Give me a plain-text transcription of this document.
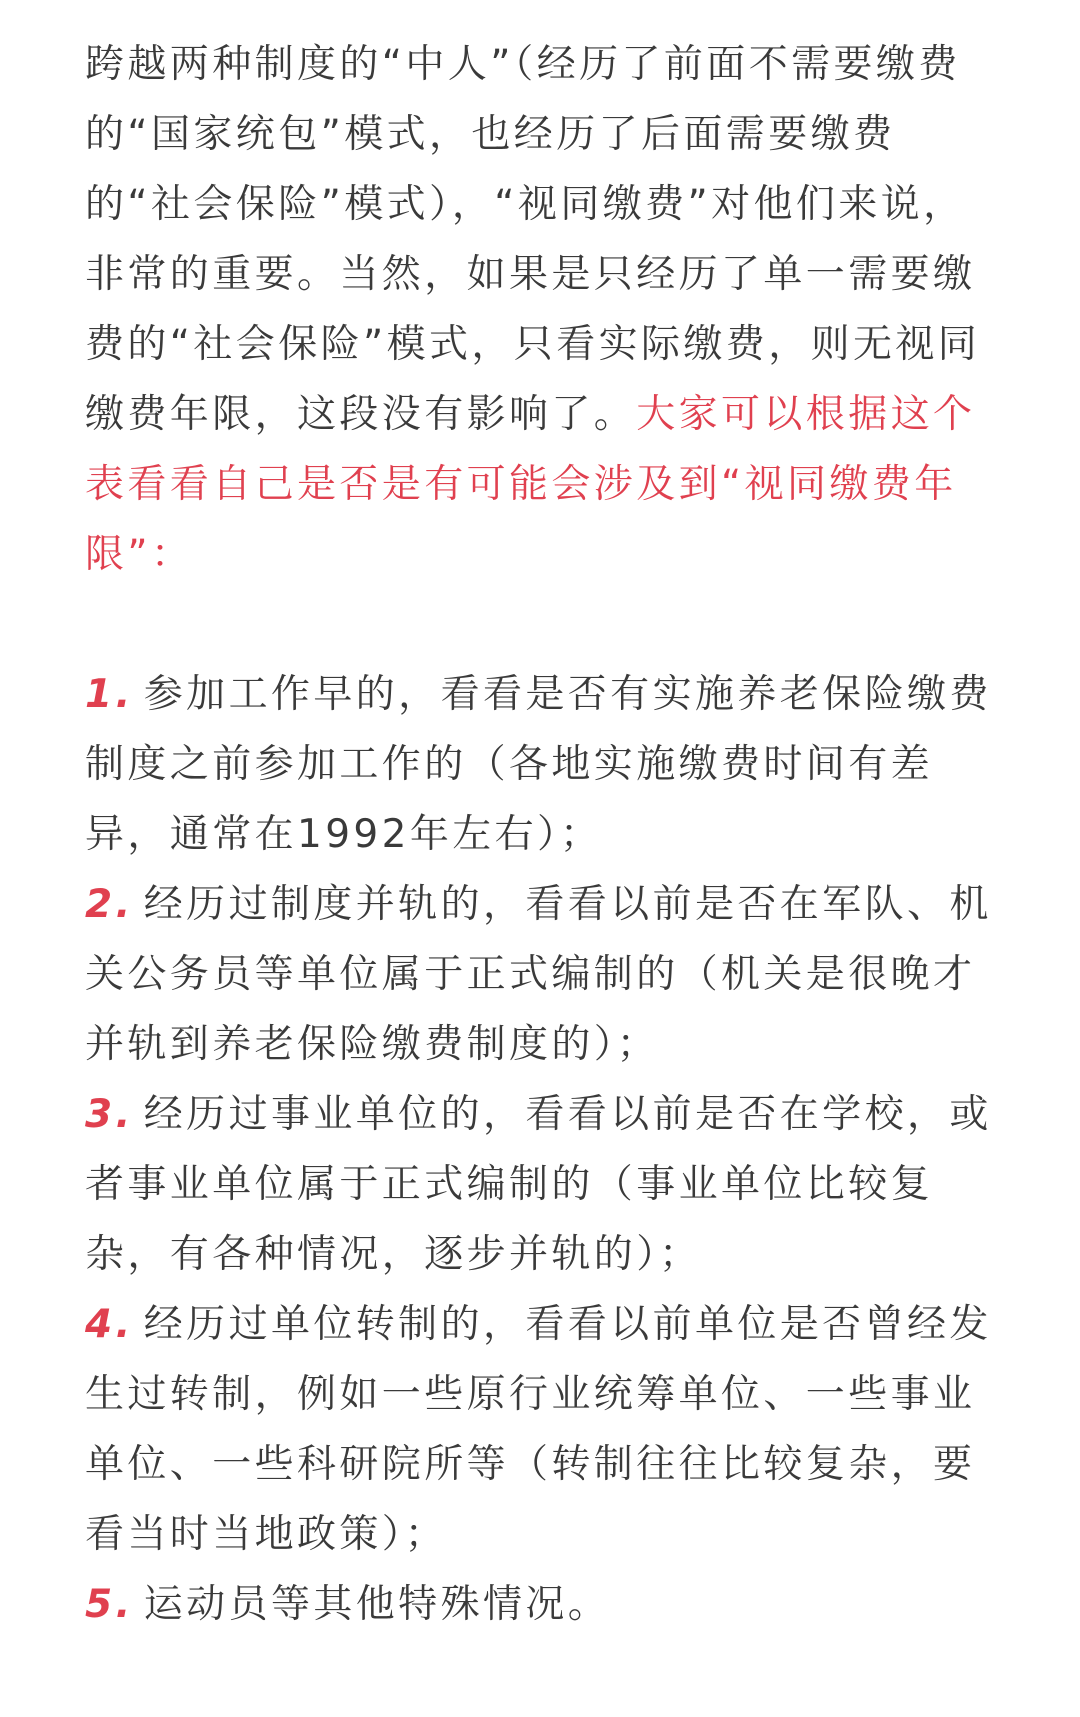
跨越两种制度的“中人”（经历了前面不需要缴费
的“国家统包”模式，也经历了后面需要缴费
的“社会保险”模式），“视同缴费”对他们来说，
非常的重要。当然，如果是只经历了单一需要缴
费的“社会保险”模式，只看实际缴费，则无视同
缴费年限，这段没有影响了。大家可以根据这个
表看看自己是否是有可能会涉及到“视同缴费年
限”：
1. 参加工作早的，看看是否有实施养老保险缴费
制度之前参加工作的（各地实施缴费时间有差
异，通常在1992年左右）；
2. 经历过制度并轨的，看看以前是否在军队、机
关公务员等单位属于正式编制的（机关是很晚才
并轨到养老保险缴费制度的）；
3. 经历过事业单位的，看看以前是否在学校，或
者事业单位属于正式编制的（事业单位比较复
杂，有各种情况，逐步并轨的）；
4. 经历过单位转制的，看看以前单位是否曾经发
生过转制，例如一些原行业统筹单位、一些事业
单位、一些科研院所等（转制往往比较复杂，要
看当时当地政策）；
5. 运动员等其他特殊情况。
